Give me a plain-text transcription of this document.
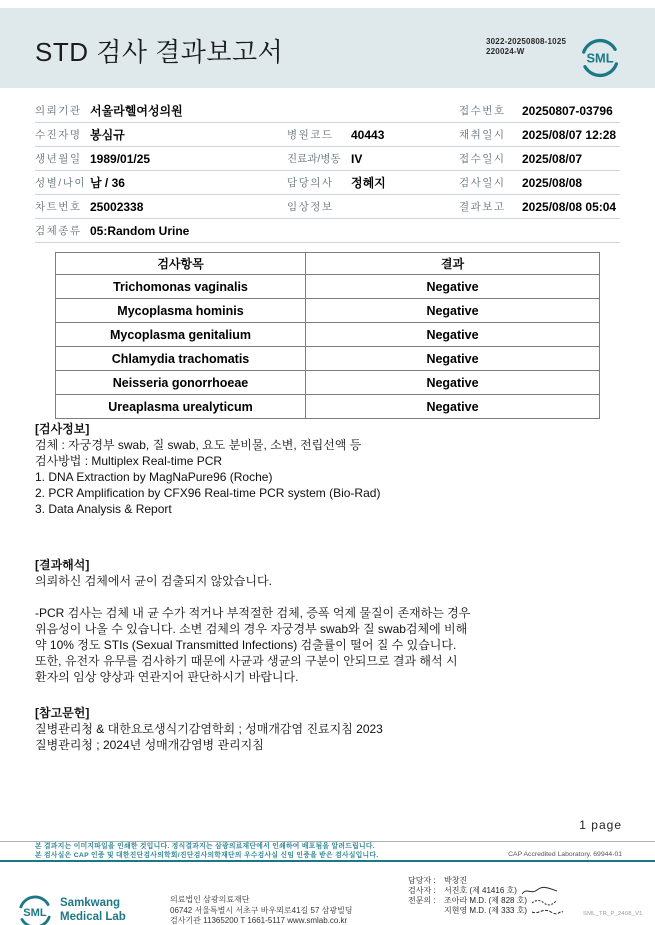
STD 검사 결과보고서	3022-20250808-1025
220024-W	SML
의뢰기관 서울라헬여성의원	접수번호	20250807-03796
수진자명 봉심규	병원코드	40443	채취일시	2025/08/07 12:28
생년월일 1989/01/25	진료과/병동 IV	접수일시	2025/08/07
성별/나이 남 / 36	담당의사	정혜지	검사일시	2025/08/08
차트번호 25002338	임상정보	결과보고	2025/08/08 05:04
검체종류 05:Random Urine
검사항목	결과
Trichomonas vaginalis	Negative
Mycoplasma hominis	Negative
Mycoplasma genitalium	Negative
Chlamydia trachomatis	Negative
Neisseria gonorrhoeae	Negative
Ureaplasma urealyticum	Negative
[검사정보]
검체 : 자궁경부 swab, 질 swab, 요도 분비물, 소변, 전립선액 등
검사방법 : Multiplex Real-time PCR
1. DNA Extraction by MagNaPure96 (Roche)
2. PCR Amplification by CFX96 Real-time PCR system (Bio-Rad)
3. Data Analysis & Report
[결과해석]
의뢰하신 검체에서 균이 검출되지 않았습니다.
-PCR 검사는 검체 내 균 수가 적거나 부적절한 검체, 증폭 억제 물질이 존재하는 경우
위음성이 나올 수 있습니다. 소변 검체의 경우 자궁경부 swab와 질 swab검체에 비해
약 10% 정도 STIs (Sexual Transmitted Infections) 검출률이 떨어 질 수 있습니다.
또한, 유전자 유무를 검사하기 때문에 사균과 생균의 구분이 안되므로 결과 해석 시
환자의 임상 양상과 연관지어 판단하시기 바랍니다.
[참고문헌]
질병관리청 & 대한요로생식기감염학회 ; 성매개감염 진료지침 2023
질병관리청 ; 2024년 성매개감염병 관리지침
1 page
본 결과지는 이미지파일을 인쇄한 것입니다. 정식결과지는 삼광의료재단에서 인쇄하여 배포됨을 알려드립니다.
본 검사실은 CAP 인증 및 대한진단검사의학회/진단검사의학재단의 우수검사실 신임 인증을 받은 검사실입니다.	CAP Accredited Laboratory. 69944-01
SML
Samkwang
Medical Lab
의료법인 삼광의료재단
06742 서울특별시 서초구 바우뫼로41길 57 삼광빌딩
검사기관 11365200 T 1661-5117 www.smlab.co.kr
담당자 :	박창진
검사자 :	서진호 (제 41416 호)
전문의 :	조아라 M.D. (제 828 호)
지현영 M.D. (제 333 호)	SML_TR_P_2408_V1
